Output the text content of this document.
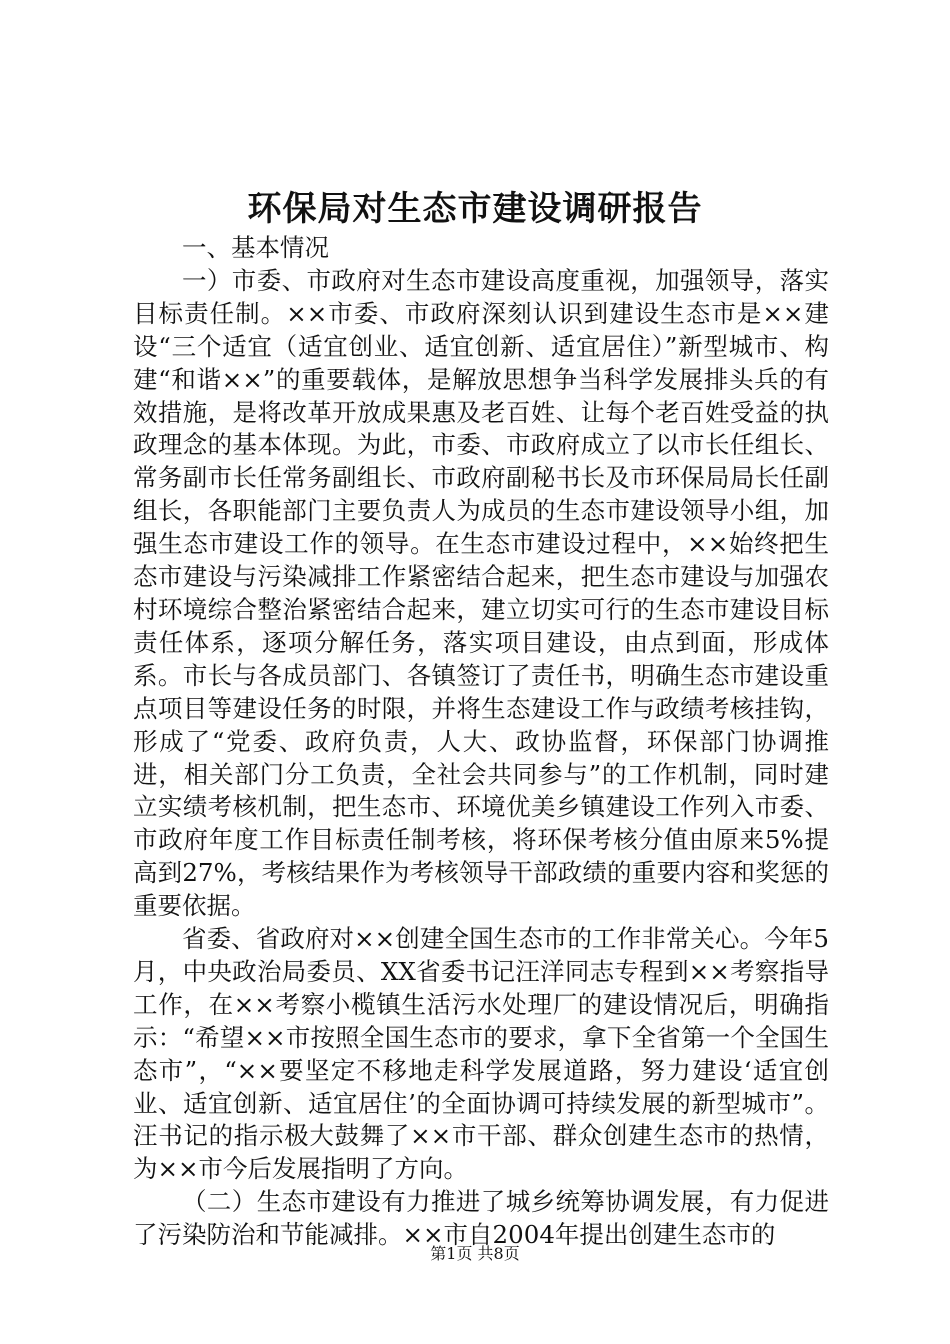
环保局对生态市建设调研报告

一、基本情况

一）市委、市政府对生态市建设高度重视，加强领导，落实目标责任制。××市委、市政府深刻认识到建设生态市是××建设“三个适宜（适宜创业、适宜创新、适宜居住）”新型城市、构建“和谐××”的重要载体，是解放思想争当科学发展排头兵的有效措施，是将改革开放成果惠及老百姓、让每个老百姓受益的执政理念的基本体现。为此，市委、市政府成立了以市长任组长、常务副市长任常务副组长、市政府副秘书长及市环保局局长任副组长，各职能部门主要负责人为成员的生态市建设领导小组，加强生态市建设工作的领导。在生态市建设过程中，××始终把生态市建设与污染减排工作紧密结合起来，把生态市建设与加强农村环境综合整治紧密结合起来，建立切实可行的生态市建设目标责任体系，逐项分解任务，落实项目建设，由点到面，形成体系。市长与各成员部门、各镇签订了责任书，明确生态市建设重点项目等建设任务的时限，并将生态建设工作与政绩考核挂钩，形成了“党委、政府负责，人大、政协监督，环保部门协调推进，相关部门分工负责，全社会共同参与”的工作机制，同时建立实绩考核机制，把生态市、环境优美乡镇建设工作列入市委、市政府年度工作目标责任制考核，将环保考核分值由原来5%提高到27%，考核结果作为考核领导干部政绩的重要内容和奖惩的重要依据。

省委、省政府对××创建全国生态市的工作非常关心。今年5月，中央政治局委员、XX省委书记汪洋同志专程到××考察指导工作，在××考察小榄镇生活污水处理厂的建设情况后，明确指示：“希望××市按照全国生态市的要求，拿下全省第一个全国生态市”，“××要坚定不移地走科学发展道路，努力建设‘适宜创业、适宜创新、适宜居住’的全面协调可持续发展的新型城市”。汪书记的指示极大鼓舞了××市干部、群众创建生态市的热情，为××市今后发展指明了方向。

（二）生态市建设有力推进了城乡统筹协调发展，有力促进了污染防治和节能减排。××市自2004年提出创建生态市的

第1页 共8页
